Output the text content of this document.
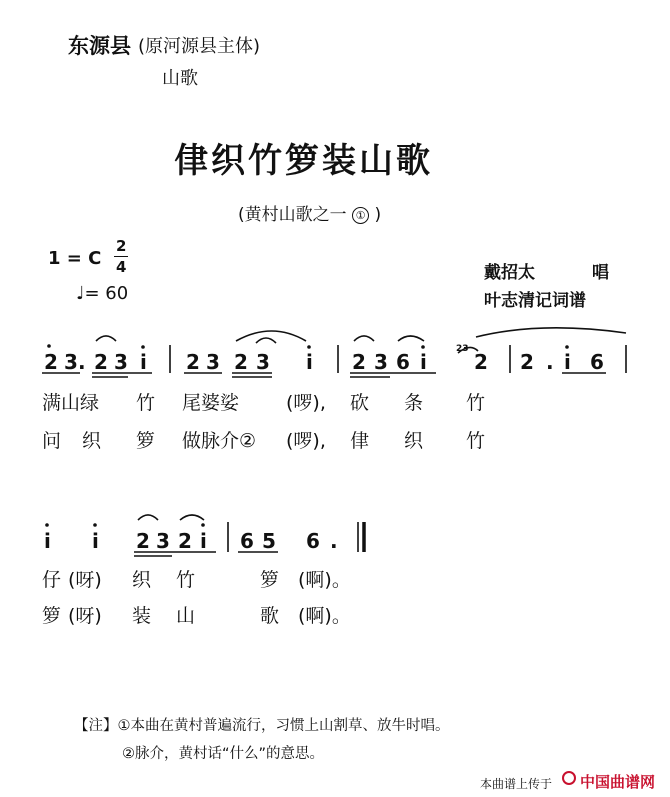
东源县 (原河源县主体)
山歌
侓织竹箩装山歌
(黄村山歌之一 ① )
1 = C
2
4
♩= 60
戴招太	唱
叶志清记词谱
2 3 . 2 3 i 2 3 2 3 i 2 3 6 i 2 2 . i 6
23
满山绿 竹 尾婆娑 (啰), 砍 条 竹
问 织 箩 做脉介② (啰), 侓 织 竹
i i 2 3 2 i 6 5 6 .
仔 (呀) 织 竹	箩 (啊)。
箩 (呀) 装 山	歌 (啊)。
【注】①本曲在黄村普遍流行，习惯上山割草、放牛时唱。
②脉介，黄村话“什么”的意思。
本曲谱上传于 中国曲谱网
